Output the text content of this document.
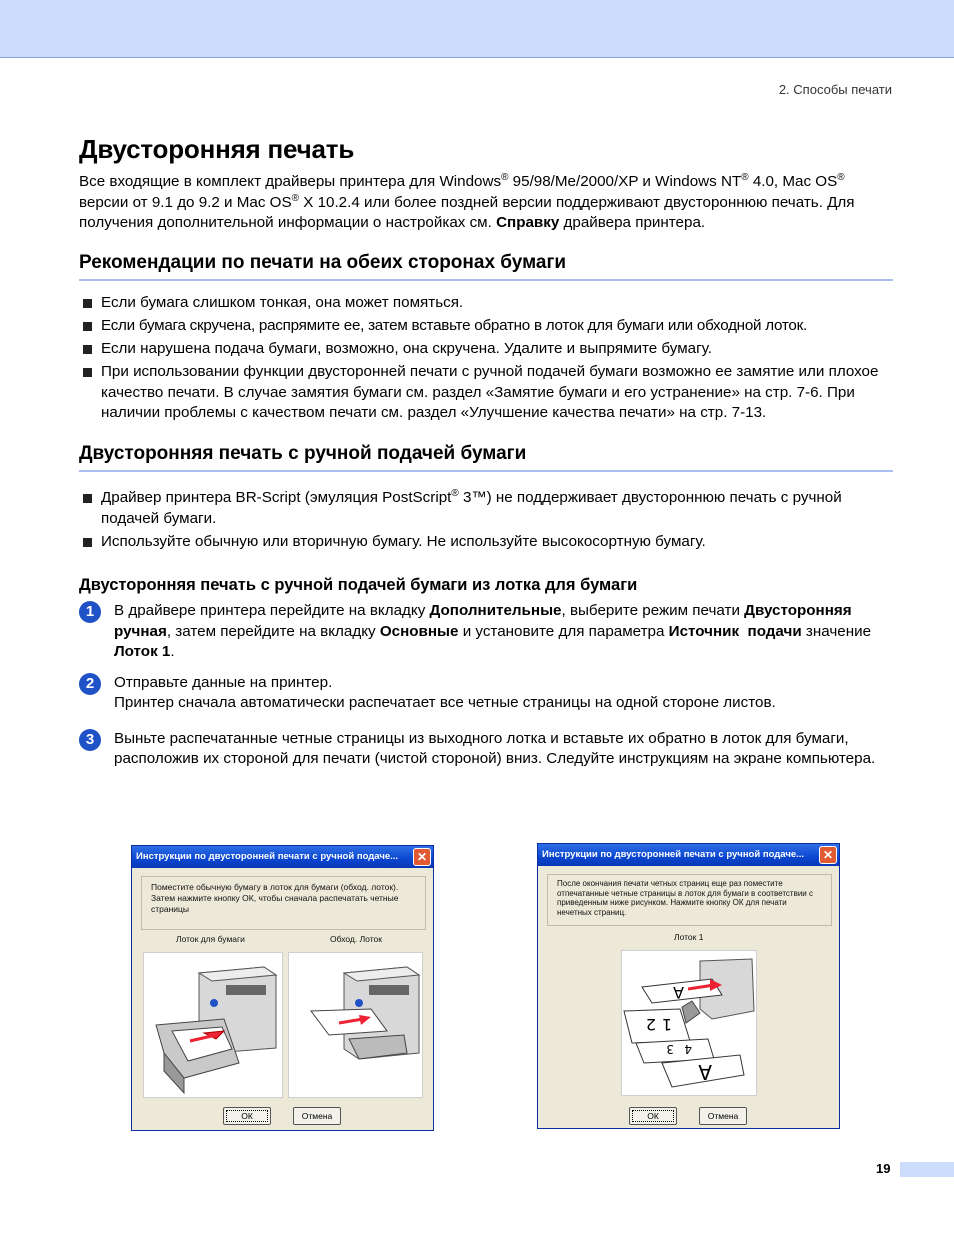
2. Способы печати
Двусторонняя печать

Все входящие в комплект драйверы принтера для Windows® 95/98/Me/2000/XP и Windows NT® 4.0, Mac OS® версии от 9.1 до 9.2 и Mac OS® X 10.2.4 или более поздней версии поддерживают двустороннюю печать. Для получения дополнительной информации о настройках см. Справку драйвера принтера.

Рекомендации по печати на обеих сторонах бумаги
Если бумага слишком тонкая, она может помяться.
Если бумага скручена, распрямите ее, затем вставьте обратно в лоток для бумаги или обходной лоток.
Если нарушена подача бумаги, возможно, она скручена. Удалите и выпрямите бумагу.
При использовании функции двусторонней печати с ручной подачей бумаги возможно ее замятие или плохое качество печати. В случае замятия бумаги см. раздел «Замятие бумаги и его устранение» на стр. 7-6. При наличии проблемы с качеством печати см. раздел «Улучшение качества печати» на стр. 7-13.
Двусторонняя печать с ручной подачей бумаги
Драйвер принтера BR-Script (эмуляция PostScript® 3™) не поддерживает двустороннюю печать с ручной подачей бумаги.
Используйте обычную или вторичную бумагу. Не используйте высокосортную бумагу.
Двусторонняя печать с ручной подачей бумаги из лотка для бумаги
1	В драйвере принтера перейдите на вкладку Дополнительные, выберите режим печати Двусторонняя ручная, затем перейдите на вкладку Основные и установите для параметра Источник  подачи значение Лоток 1.
2	Отправьте данные на принтер.
Принтер сначала автоматически распечатает все четные страницы на одной стороне листов.
3	Выньте распечатанные четные страницы из выходного лотка и вставьте их обратно в лоток для бумаги, расположив их стороной для печати (чистой стороной) вниз. Следуйте инструкциям на экране компьютера.
Инструкции по двусторонней печати с ручной подаче...	✕
Поместите обычную бумагу в лоток для бумаги (обход. лоток). Затем нажмите кнопку ОК, чтобы сначала распечатать четные страницы
Лоток для бумаги	Обход. Лоток
ОК	Отмена
Инструкции по двусторонней печати с ручной подаче...	✕
После окончания печати четных страниц еще раз поместите отпечатанные четные страницы в лоток для бумаги в соответствии с приведенным ниже рисунком. Нажмите кнопку ОК для печати нечетных страниц.
Лоток 1
A
2 1
3 4
A
ОК	Отмена
19
